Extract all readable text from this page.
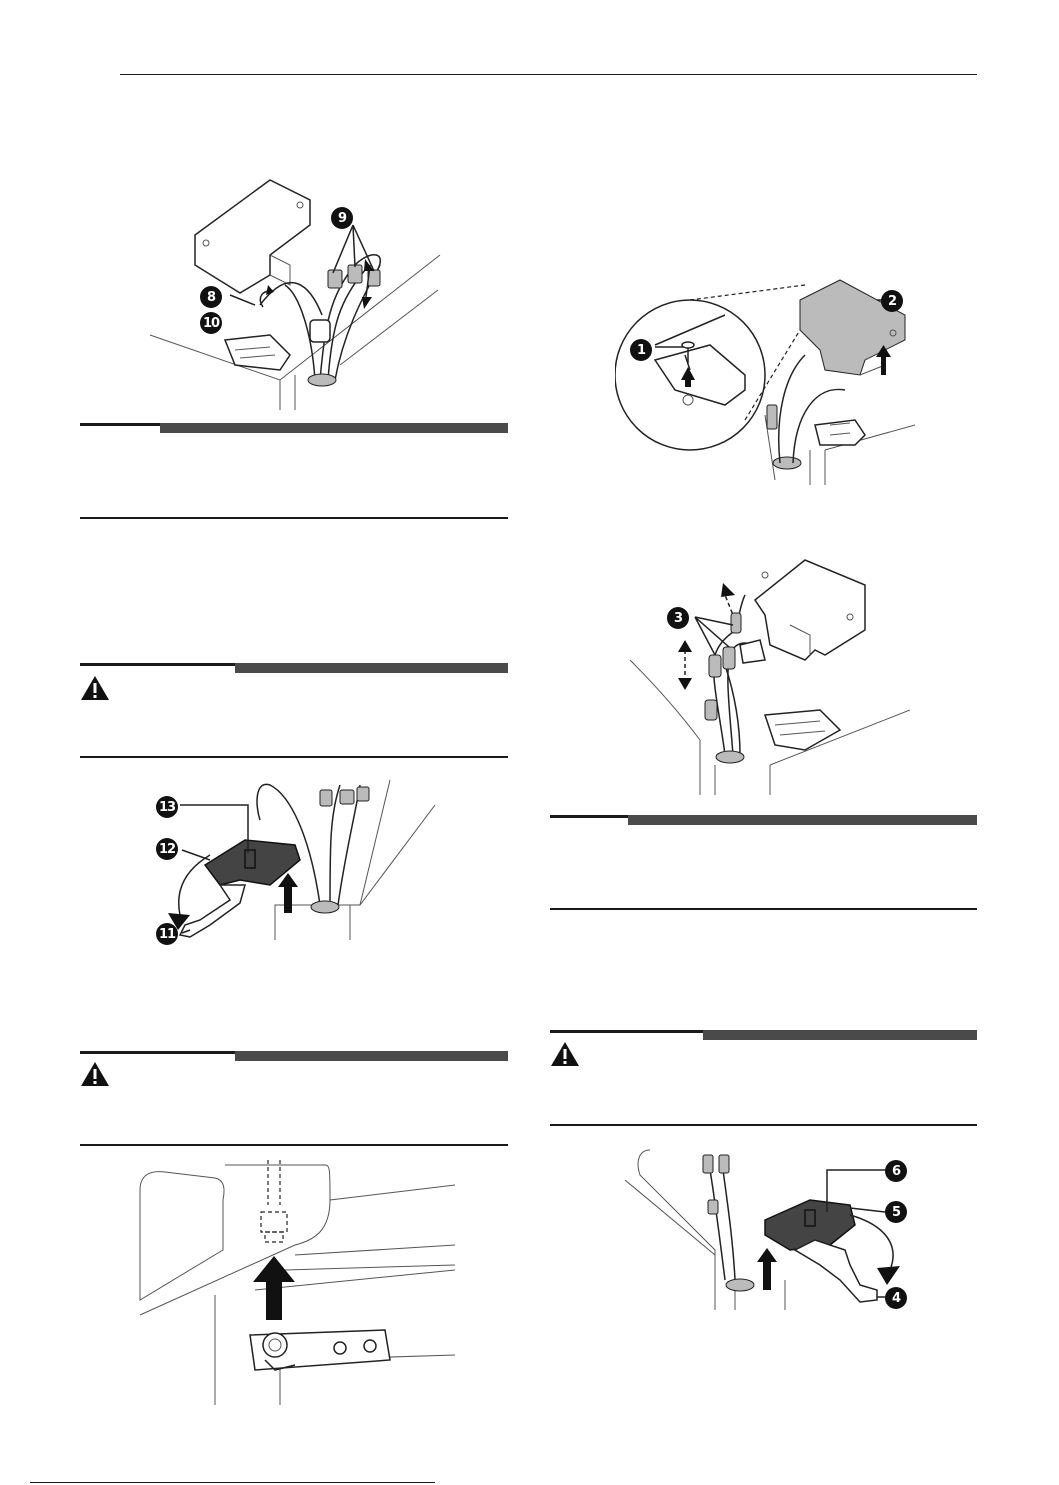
9
8
10
13
12
11
2
1
3
6
5
4
